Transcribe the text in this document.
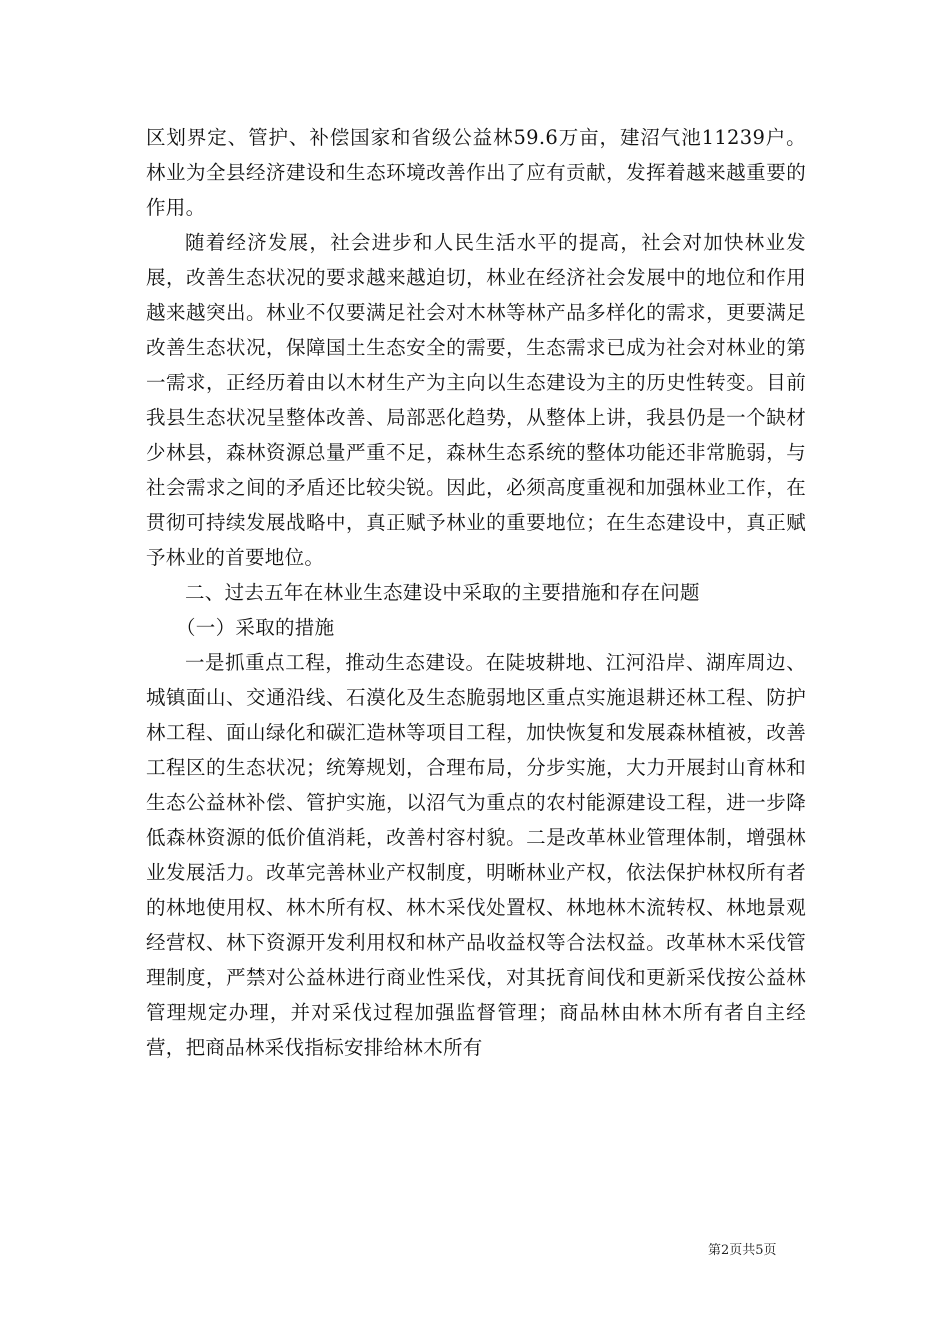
区划界定、管护、补偿国家和省级公益林59.6万亩，建沼气池11239户。林业为全县经济建设和生态环境改善作出了应有贡献，发挥着越来越重要的作用。

随着经济发展，社会进步和人民生活水平的提高，社会对加快林业发展，改善生态状况的要求越来越迫切，林业在经济社会发展中的地位和作用越来越突出。林业不仅要满足社会对木林等林产品多样化的需求，更要满足改善生态状况，保障国土生态安全的需要，生态需求已成为社会对林业的第一需求，正经历着由以木材生产为主向以生态建设为主的历史性转变。目前我县生态状况呈整体改善、局部恶化趋势，从整体上讲，我县仍是一个缺材少林县，森林资源总量严重不足，森林生态系统的整体功能还非常脆弱，与社会需求之间的矛盾还比较尖锐。因此，必须高度重视和加强林业工作，在贯彻可持续发展战略中，真正赋予林业的重要地位；在生态建设中，真正赋予林业的首要地位。

二、过去五年在林业生态建设中采取的主要措施和存在问题

（一）采取的措施

一是抓重点工程，推动生态建设。在陡坡耕地、江河沿岸、湖库周边、城镇面山、交通沿线、石漠化及生态脆弱地区重点实施退耕还林工程、防护林工程、面山绿化和碳汇造林等项目工程，加快恢复和发展森林植被，改善工程区的生态状况；统筹规划，合理布局，分步实施，大力开展封山育林和生态公益林补偿、管护实施，以沼气为重点的农村能源建设工程，进一步降低森林资源的低价值消耗，改善村容村貌。二是改革林业管理体制，增强林业发展活力。改革完善林业产权制度，明晰林业产权，依法保护林权所有者的林地使用权、林木所有权、林木采伐处置权、林地林木流转权、林地景观经营权、林下资源开发利用权和林产品收益权等合法权益。改革林木采伐管理制度，严禁对公益林进行商业性采伐，对其抚育间伐和更新采伐按公益林管理规定办理，并对采伐过程加强监督管理；商品林由林木所有者自主经营，把商品林采伐指标安排给林木所有

第2页共5页
